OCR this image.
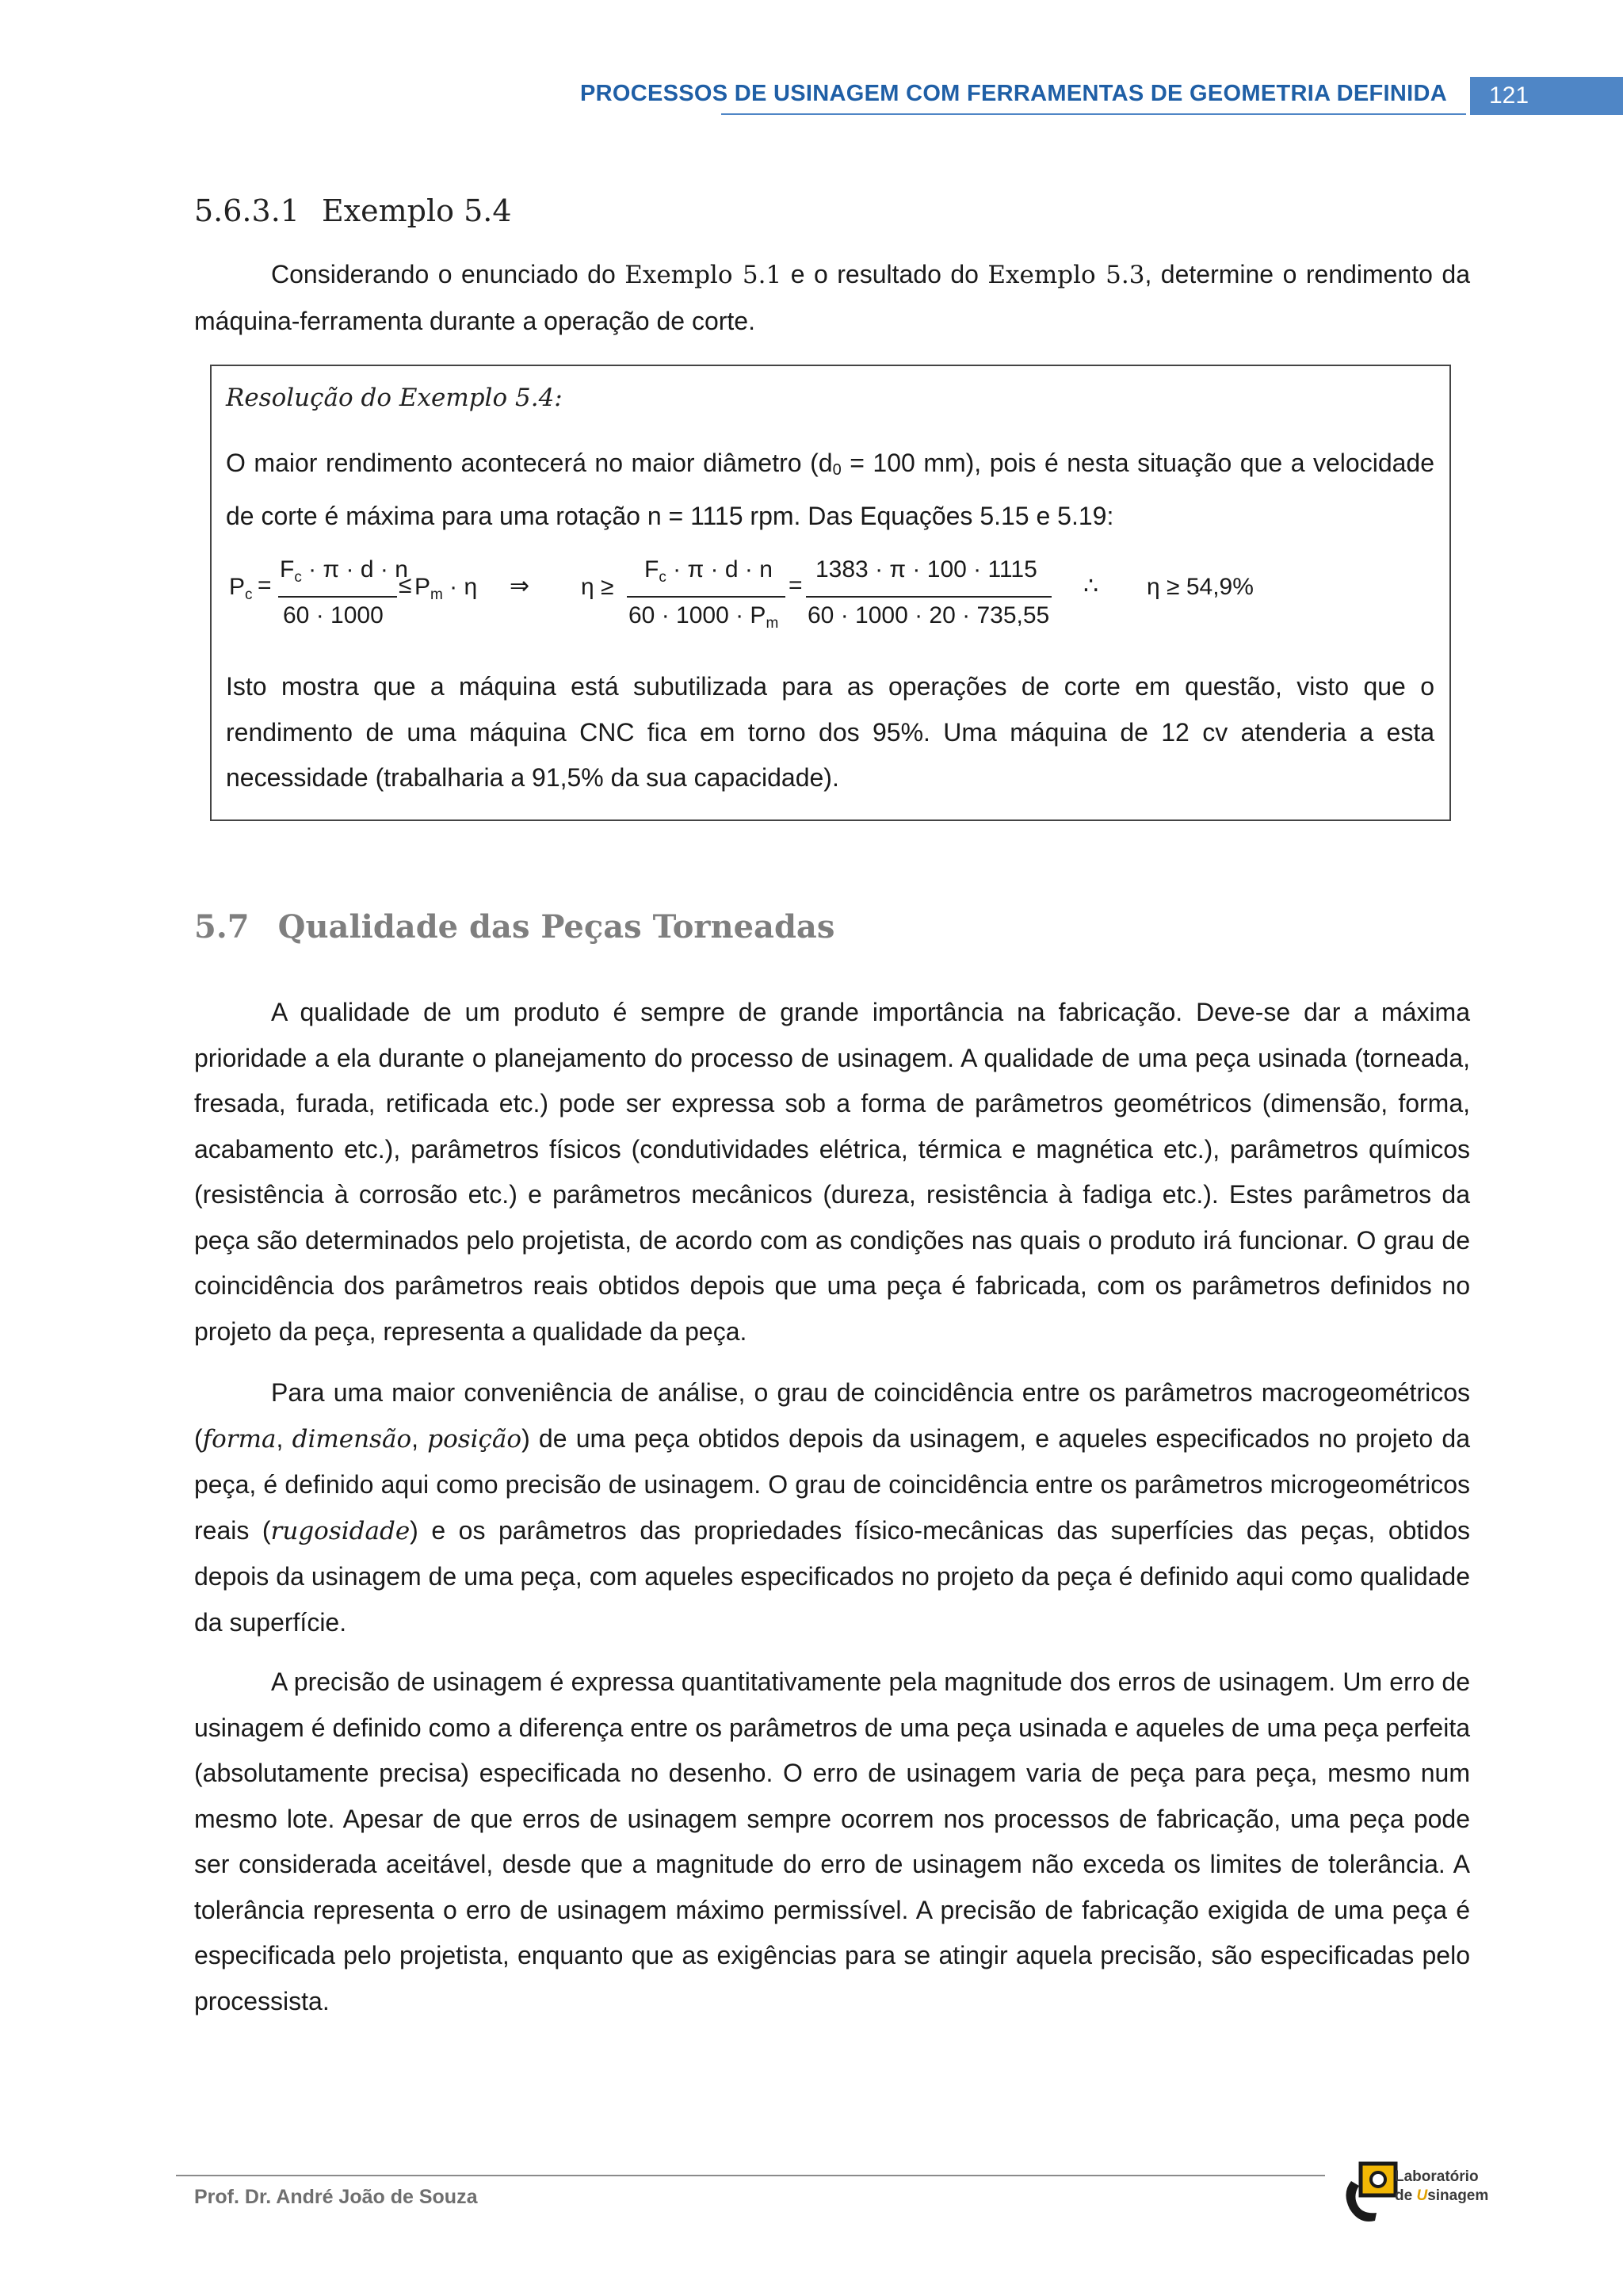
PROCESSOS DE USINAGEM COM FERRAMENTAS DE GEOMETRIA DEFINIDA	121
5.6.3.1 Exemplo 5.4

Considerando o enunciado do Exemplo 5.1 e o resultado do Exemplo 5.3, determine o rendimento da máquina-ferramenta durante a operação de corte.

Resolução do Exemplo 5.4:

O maior rendimento acontecerá no maior diâmetro ($d_0 = 100$ mm), pois é nesta situação que a velocidade de corte é máxima para uma rotação n = 1115 rpm. Das Equações 5.15 e 5.19:

$P_c$ =
$F_c \cdot \pi \cdot d \cdot n$
60 · 1000
≤ $P_m \cdot \eta$ ⇒ η ≥
$F_c \cdot \pi \cdot d \cdot n$
$60 \cdot 1000 \cdot P_m$
=
1383 · π · 100 · 1115
60 · 1000 · 20 · 735,55
∴ η ≥ 54,9%

Isto mostra que a máquina está subutilizada para as operações de corte em questão, visto que o rendimento de uma máquina CNC fica em torno dos 95%. Uma máquina de 12 cv atenderia a esta necessidade (trabalharia a 91,5% da sua capacidade).

5.7 Qualidade das Peças Torneadas

A qualidade de um produto é sempre de grande importância na fabricação. Deve-se dar a máxima prioridade a ela durante o planejamento do processo de usinagem. A qualidade de uma peça usinada (torneada, fresada, furada, retificada etc.) pode ser expressa sob a forma de parâmetros geométricos (dimensão, forma, acabamento etc.), parâmetros físicos (condutividades elétrica, térmica e magnética etc.), parâmetros químicos (resistência à corrosão etc.) e parâmetros mecânicos (dureza, resistência à fadiga etc.). Estes parâmetros da peça são determinados pelo projetista, de acordo com as condições nas quais o produto irá funcionar. O grau de coincidência dos parâmetros reais obtidos depois que uma peça é fabricada, com os parâmetros definidos no projeto da peça, representa a qualidade da peça.

Para uma maior conveniência de análise, o grau de coincidência entre os parâmetros macrogeométricos (forma, dimensão, posição) de uma peça obtidos depois da usinagem, e aqueles especificados no projeto da peça, é definido aqui como precisão de usinagem. O grau de coincidência entre os parâmetros microgeométricos reais (rugosidade) e os parâmetros das propriedades físico-mecânicas das superfícies das peças, obtidos depois da usinagem de uma peça, com aqueles especificados no projeto da peça é definido aqui como qualidade da superfície.

A precisão de usinagem é expressa quantitativamente pela magnitude dos erros de usinagem. Um erro de usinagem é definido como a diferença entre os parâmetros de uma peça usinada e aqueles de uma peça perfeita (absolutamente precisa) especificada no desenho. O erro de usinagem varia de peça para peça, mesmo num mesmo lote. Apesar de que erros de usinagem sempre ocorrem nos processos de fabricação, uma peça pode ser considerada aceitável, desde que a magnitude do erro de usinagem não exceda os limites de tolerância. A tolerância representa o erro de usinagem máximo permissível. A precisão de fabricação exigida de uma peça é especificada pelo projetista, enquanto que as exigências para se atingir aquela precisão, são especificadas pelo processista.

Prof. Dr. André João de Souza
Laboratório
de Usinagem
